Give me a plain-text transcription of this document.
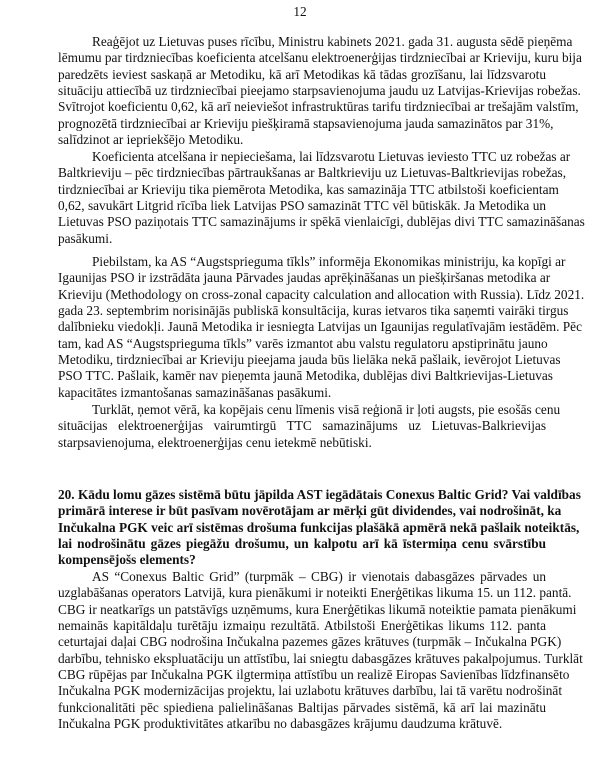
12
Reaģējot uz Lietuvas puses rīcību, Ministru kabinets 2021. gada 31. augusta sēdē pieņēma
lēmumu par tirdzniecības koeficienta atcelšanu elektroenerģijas tirdzniecībai ar Krieviju, kuru bija
paredzēts ieviest saskaņā ar Metodiku, kā arī Metodikas kā tādas grozīšanu, lai līdzsvarotu
situāciju attiecībā uz tirdzniecībai pieejamo starpsavienojuma jaudu uz Latvijas-Krievijas robežas.
Svītrojot koeficientu 0,62, kā arī neieviešot infrastruktūras tarifu tirdzniecībai ar trešajām valstīm,
prognozētā tirdzniecībai ar Krieviju piešķiramā stapsavienojuma jauda samazinātos par 31%,
salīdzinot ar iepriekšējo Metodiku.
Koeficienta atcelšana ir nepieciešama, lai līdzsvarotu Lietuvas ieviesto TTC uz robežas ar
Baltkrieviju – pēc tirdzniecības pārtraukšanas ar Baltkrieviju uz Lietuvas-Baltkrievijas robežas,
tirdzniecībai ar Krieviju tika piemērota Metodika, kas samazināja TTC atbilstoši koeficientam
0,62, savukārt Litgrid rīcība liek Latvijas PSO samazināt TTC vēl būtiskāk. Ja Metodika un
Lietuvas PSO paziņotais TTC samazinājums ir spēkā vienlaicīgi, dublējas divi TTC samazināšanas
pasākumi.
Piebilstam, ka AS “Augstsprieguma tīkls” informēja Ekonomikas ministriju, ka kopīgi ar
Igaunijas PSO ir izstrādāta jauna Pārvades jaudas aprēķināšanas un piešķiršanas metodika ar
Krieviju (Methodology on cross-zonal capacity calculation and allocation with Russia). Līdz 2021.
gada 23. septembrim norisinājās publiskā konsultācija, kuras ietvaros tika saņemti vairāki tirgus
dalībnieku viedokļi. Jaunā Metodika ir iesniegta Latvijas un Igaunijas regulatīvajām iestādēm. Pēc
tam, kad AS “Augstsprieguma tīkls” varēs izmantot abu valstu regulatoru apstiprinātu jauno
Metodiku, tirdzniecībai ar Krieviju pieejama jauda būs lielāka nekā pašlaik, ievērojot Lietuvas
PSO TTC. Pašlaik, kamēr nav pieņemta jaunā Metodika, dublējas divi Baltkrievijas-Lietuvas
kapacitātes izmantošanas samazināšanas pasākumi.
Turklāt, ņemot vērā, ka kopējais cenu līmenis visā reģionā ir ļoti augsts, pie esošās cenu
situācijas elektroenerģijas vairumtirgū TTC samazinājums uz Lietuvas-Balkrievijas
starpsavienojuma, elektroenerģijas cenu ietekmē nebūtiski.
20. Kādu lomu gāzes sistēmā būtu jāpilda AST iegādātais Conexus Baltic Grid? Vai valdības
primārā interese ir būt pasīvam novērotājam ar mērķi gūt dividendes, vai nodrošināt, ka
Inčukalna PGK veic arī sistēmas drošuma funkcijas plašākā apmērā nekā pašlaik noteiktās,
lai nodrošinātu gāzes piegāžu drošumu, un kalpotu arī kā īstermiņa cenu svārstību
kompensējošs elements?
AS “Conexus Baltic Grid” (turpmāk – CBG) ir vienotais dabasgāzes pārvades un
uzglabāšanas operators Latvijā, kura pienākumi ir noteikti Enerģētikas likuma 15. un 112. pantā.
CBG ir neatkarīgs un patstāvīgs uzņēmums, kura Enerģētikas likumā noteiktie pamata pienākumi
nemainās kapitāldaļu turētāju izmaiņu rezultātā. Atbilstoši Enerģētikas likums 112. panta
ceturtajai daļai CBG nodrošina Inčukalna pazemes gāzes krātuves (turpmāk – Inčukalna PGK)
darbību, tehnisko ekspluatāciju un attīstību, lai sniegtu dabasgāzes krātuves pakalpojumus. Turklāt
CBG rūpējas par Inčukalna PGK ilgtermiņa attīstību un realizē Eiropas Savienības līdzfinansēto
Inčukalna PGK modernizācijas projektu, lai uzlabotu krātuves darbību, lai tā varētu nodrošināt
funkcionalitāti pēc spiediena palielināšanas Baltijas pārvades sistēmā, kā arī lai mazinātu
Inčukalna PGK produktivitātes atkarību no dabasgāzes krājumu daudzuma krātuvē.
